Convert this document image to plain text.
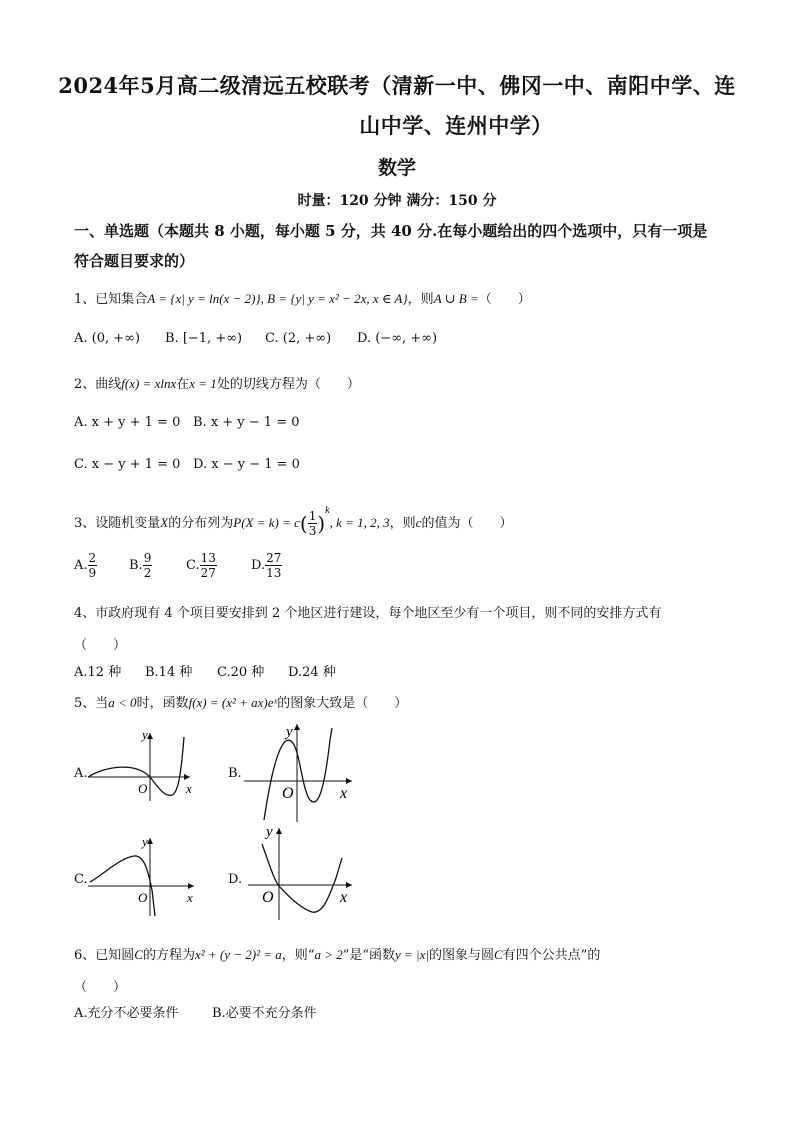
2024年5月高二级清远五校联考（清新一中、佛冈一中、南阳中学、连
山中学、连州中学）
数学
时量：120 分钟 满分：150 分
一、单选题（本题共 8 小题，每小题 5 分，共 40 分.在每小题给出的四个选项中，只有一项是
符合题目要求的）
1、已知集合A = {x| y = ln(x − 2)}, B = {y| y = x² − 2x, x ∈ A}，则A ∪ B =（　　）
A. (0, +∞) B. [−1, +∞) C. (2, +∞) D. (−∞, +∞)
2、曲线f(x) = xlnx在x = 1处的切线方程为（　　）
A. x + y + 1 = 0 B. x + y − 1 = 0
C. x − y + 1 = 0 D. x − y − 1 = 0
3、设随机变量X的分布列为$P(X = k) = c( \frac{1}{3} )^k$, k = 1, 2, 3，则c的值为（　　）
A. $\frac{2}{9} B$. $\frac{9}{2}$	C. $\frac{13}{27}$	D. $\frac{27}{13}$
4、市政府现有 4 个项目要安排到 2 个地区进行建设，每个地区至少有一个项目，则不同的安排方式有
（　　）
A.12 种 B.14 种 C.20 种 D.24 种
5、当a < 0时，函数f(x) = (x² + ax)eˣ的图象大致是（　　）
A.
y
x
O
B.
y
x
O
C.
y
x
O
D.
y
x
O
6、已知圆C的方程为x² + (y − 2)² = a，则“a > 2”是“函数y = |x|的图象与圆C有四个公共点”的
（　　）
A.充分不必要条件	B.必要不充分条件
